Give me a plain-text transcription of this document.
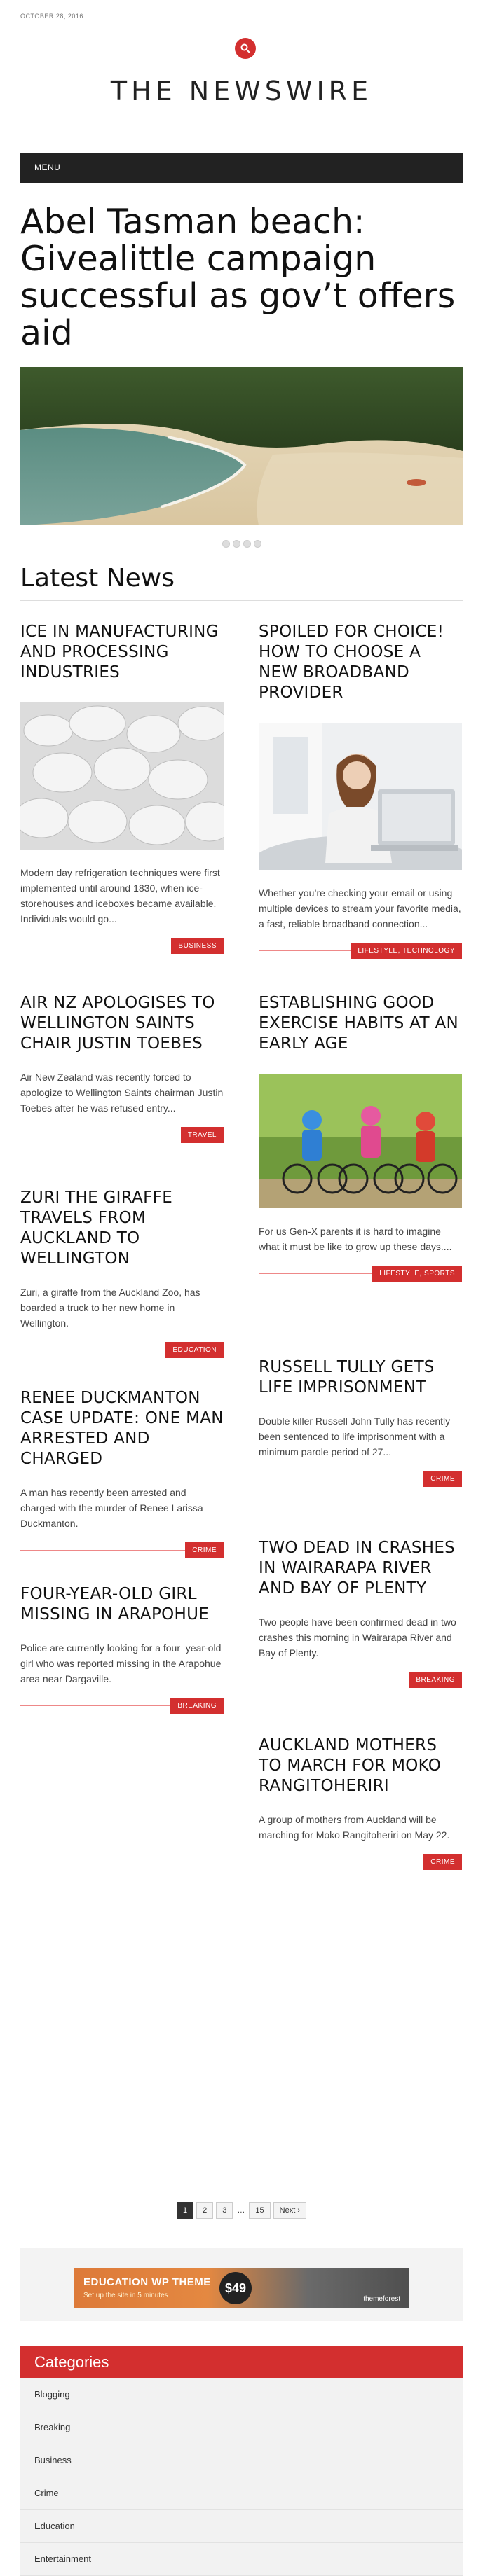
OCTOBER 28, 2016
THE NEWSWIRE
MENU
Abel Tasman beach: Givealittle campaign successful as gov’t offers aid
Latest News
ICE IN MANUFACTURING AND PROCESSING INDUSTRIES

Modern day refrigeration techniques were first implemented until around 1830, when ice-storehouses and iceboxes became available. Individuals would go...

BUSINESS
AIR NZ APOLOGISES TO WELLINGTON SAINTS CHAIR JUSTIN TOEBES

Air New Zealand was recently forced to apologize to Wellington Saints chairman Justin Toebes after he was refused entry...

TRAVEL
ZURI THE GIRAFFE TRAVELS FROM AUCKLAND TO WELLINGTON

Zuri, a giraffe from the Auckland Zoo, has boarded a truck to her new home in Wellington.

EDUCATION
RENEE DUCKMANTON CASE UPDATE: ONE MAN ARRESTED AND CHARGED

A man has recently been arrested and charged with the murder of Renee Larissa Duckmanton.

CRIME
FOUR-YEAR-OLD GIRL MISSING IN ARAPOHUE

Police are currently looking for a four–year-old girl who was reported missing in the Arapohue area near Dargaville.

BREAKING
SPOILED FOR CHOICE! HOW TO CHOOSE A NEW BROADBAND PROVIDER

Whether you’re checking your email or using multiple devices to stream your favorite media, a fast, reliable broadband connection...

LIFESTYLE, TECHNOLOGY
ESTABLISHING GOOD EXERCISE HABITS AT AN EARLY AGE

For us Gen-X parents it is hard to imagine what it must be like to grow up these days....

LIFESTYLE, SPORTS
RUSSELL TULLY GETS LIFE IMPRISONMENT

Double killer Russell John Tully has recently been sentenced to life imprisonment with a minimum parole period of 27...

CRIME
TWO DEAD IN CRASHES IN WAIRARAPA RIVER AND BAY OF PLENTY

Two people have been confirmed dead in two crashes this morning in Wairarapa River and Bay of Plenty.

BREAKING
AUCKLAND MOTHERS TO MARCH FOR MOKO RANGITOHERIRI

A group of mothers from Auckland will be marching for Moko Rangitoheriri on May 22.

CRIME
1 2 3 … 15 Next ›
EDUCATION WP THEME
Set up the site in 5 minutes
$49
themeforest
Categories
Blogging
Breaking
Business
Crime
Education
Entertainment
